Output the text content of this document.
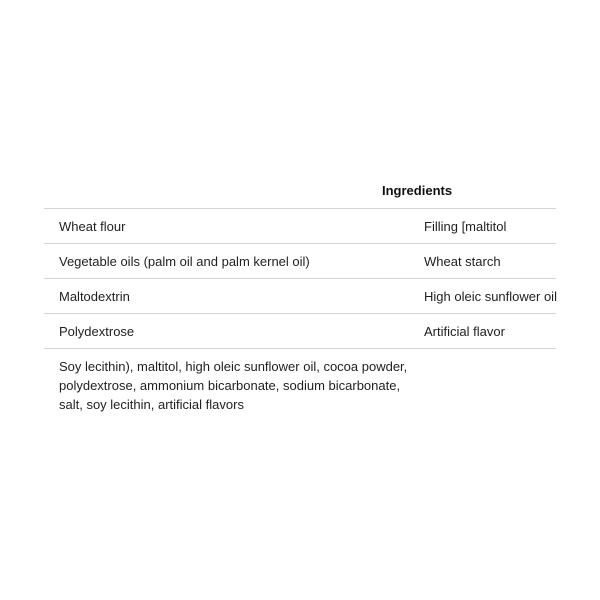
Ingredients
Wheat flour	Filling [maltitol
Vegetable oils (palm oil and palm kernel oil)	Wheat starch
Maltodextrin	High oleic sunflower oil
Polydextrose	Artificial flavor
Soy lecithin), maltitol, high oleic sunflower oil, cocoa powder,
polydextrose, ammonium bicarbonate, sodium bicarbonate,
salt, soy lecithin, artificial flavors
